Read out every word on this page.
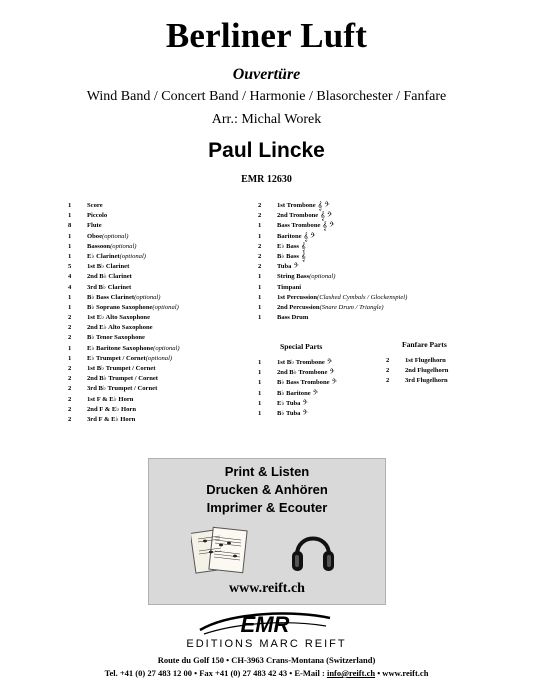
Berliner Luft
Ouvertüre
Wind Band / Concert Band / Harmonie / Blasorchester / Fanfare
Arr.: Michal Worek
Paul Lincke
EMR 12630
1	Score
1	Piccolo
8	Flute
1	Oboe (optional)
1	Bassoon (optional)
1	E♭ Clarinet (optional)
5	1st B♭ Clarinet
4	2nd B♭ Clarinet
4	3rd B♭ Clarinet
1	B♭ Bass Clarinet (optional)
1	B♭ Soprano Saxophone (optional)
2	1st E♭ Alto Saxophone
2	2nd E♭ Alto Saxophone
2	B♭ Tenor Saxophone
1	E♭ Baritone Saxophone (optional)
1	E♭ Trumpet / Cornet (optional)
2	1st B♭ Trumpet / Cornet
2	2nd B♭ Trumpet / Cornet
2	3rd B♭ Trumpet / Cornet
2	1st F & E♭ Horn
2	2nd F & E♭ Horn
2	3rd F & E♭ Horn
2	1st Trombone 𝄞 𝄢
2	2nd Trombone 𝄞 𝄢
1	Bass Trombone 𝄞 𝄢
1	Baritone 𝄞 𝄢
2	E♭ Bass 𝄞
2	B♭ Bass 𝄞
2	Tuba 𝄢
1	String Bass (optional)
1	Timpani
1	1st Percussion (Clashed Cymbals / Glockenspiel)
1	2nd Percussion (Snare Drum / Triangle)
1	Bass Drum
Special Parts
1	1st B♭ Trombone 𝄢
1	2nd B♭ Trombone 𝄢
1	B♭ Bass Trombone 𝄢
1	B♭ Baritone 𝄢
1	E♭ Tuba 𝄢
1	B♭ Tuba 𝄢
Fanfare Parts
2	1st Flugelhorn
2	2nd Flugelhorn
2	3rd Flugelhorn
Print & Listen
Drucken & Anhören
Imprimer & Ecouter
www.reift.ch
EMR
EDITIONS MARC REIFT
Route du Golf 150 • CH-3963 Crans-Montana (Switzerland)
Tel. +41 (0) 27 483 12 00 • Fax +41 (0) 27 483 42 43 • E-Mail : info@reift.ch • www.reift.ch
